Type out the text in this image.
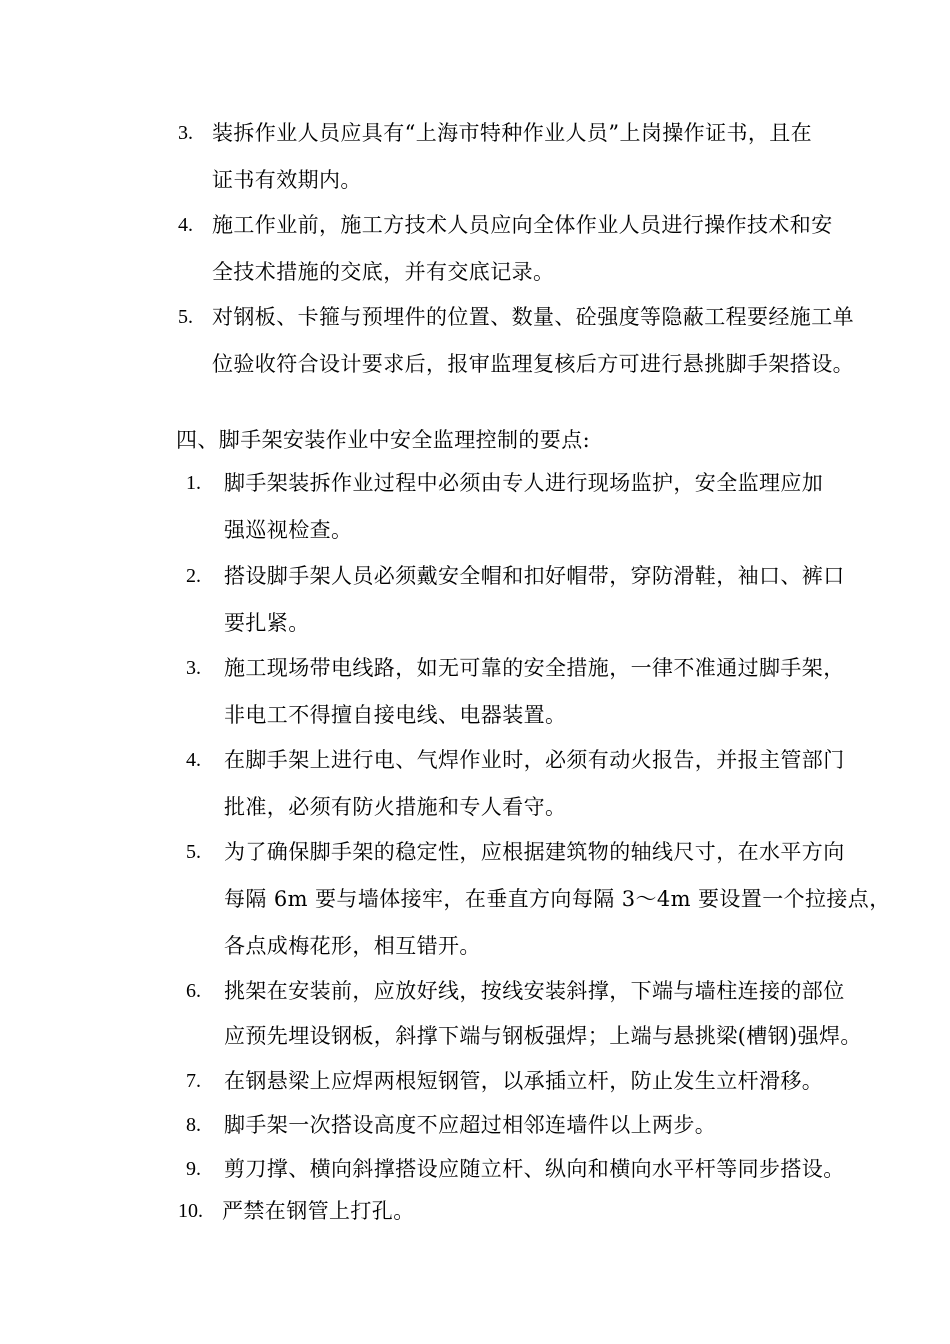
3. 装拆作业人员应具有“上海市特种作业人员”上岗操作证书，且在
证书有效期内。
4. 施工作业前，施工方技术人员应向全体作业人员进行操作技术和安
全技术措施的交底，并有交底记录。
5. 对钢板、卡箍与预埋件的位置、数量、砼强度等隐蔽工程要经施工单
位验收符合设计要求后，报审监理复核后方可进行悬挑脚手架搭设。
四、脚手架安装作业中安全监理控制的要点:
1. 脚手架装拆作业过程中必须由专人进行现场监护，安全监理应加
强巡视检查。
2. 搭设脚手架人员必须戴安全帽和扣好帽带，穿防滑鞋，袖口、裤口
要扎紧。
3. 施工现场带电线路，如无可靠的安全措施，一律不准通过脚手架，
非电工不得擅自接电线、电器装置。
4. 在脚手架上进行电、气焊作业时，必须有动火报告，并报主管部门
批准，必须有防火措施和专人看守。
5. 为了确保脚手架的稳定性，应根据建筑物的轴线尺寸，在水平方向
每隔 6m 要与墙体接牢，在垂直方向每隔 3～4m 要设置一个拉接点，
各点成梅花形，相互错开。
6. 挑架在安装前，应放好线，按线安装斜撑，下端与墙柱连接的部位
应预先埋设钢板，斜撑下端与钢板强焊；上端与悬挑梁(槽钢)强焊。
7. 在钢悬梁上应焊两根短钢管，以承插立杆，防止发生立杆滑移。
8. 脚手架一次搭设高度不应超过相邻连墙件以上两步。
9. 剪刀撑、横向斜撑搭设应随立杆、纵向和横向水平杆等同步搭设。
10. 严禁在钢管上打孔。
